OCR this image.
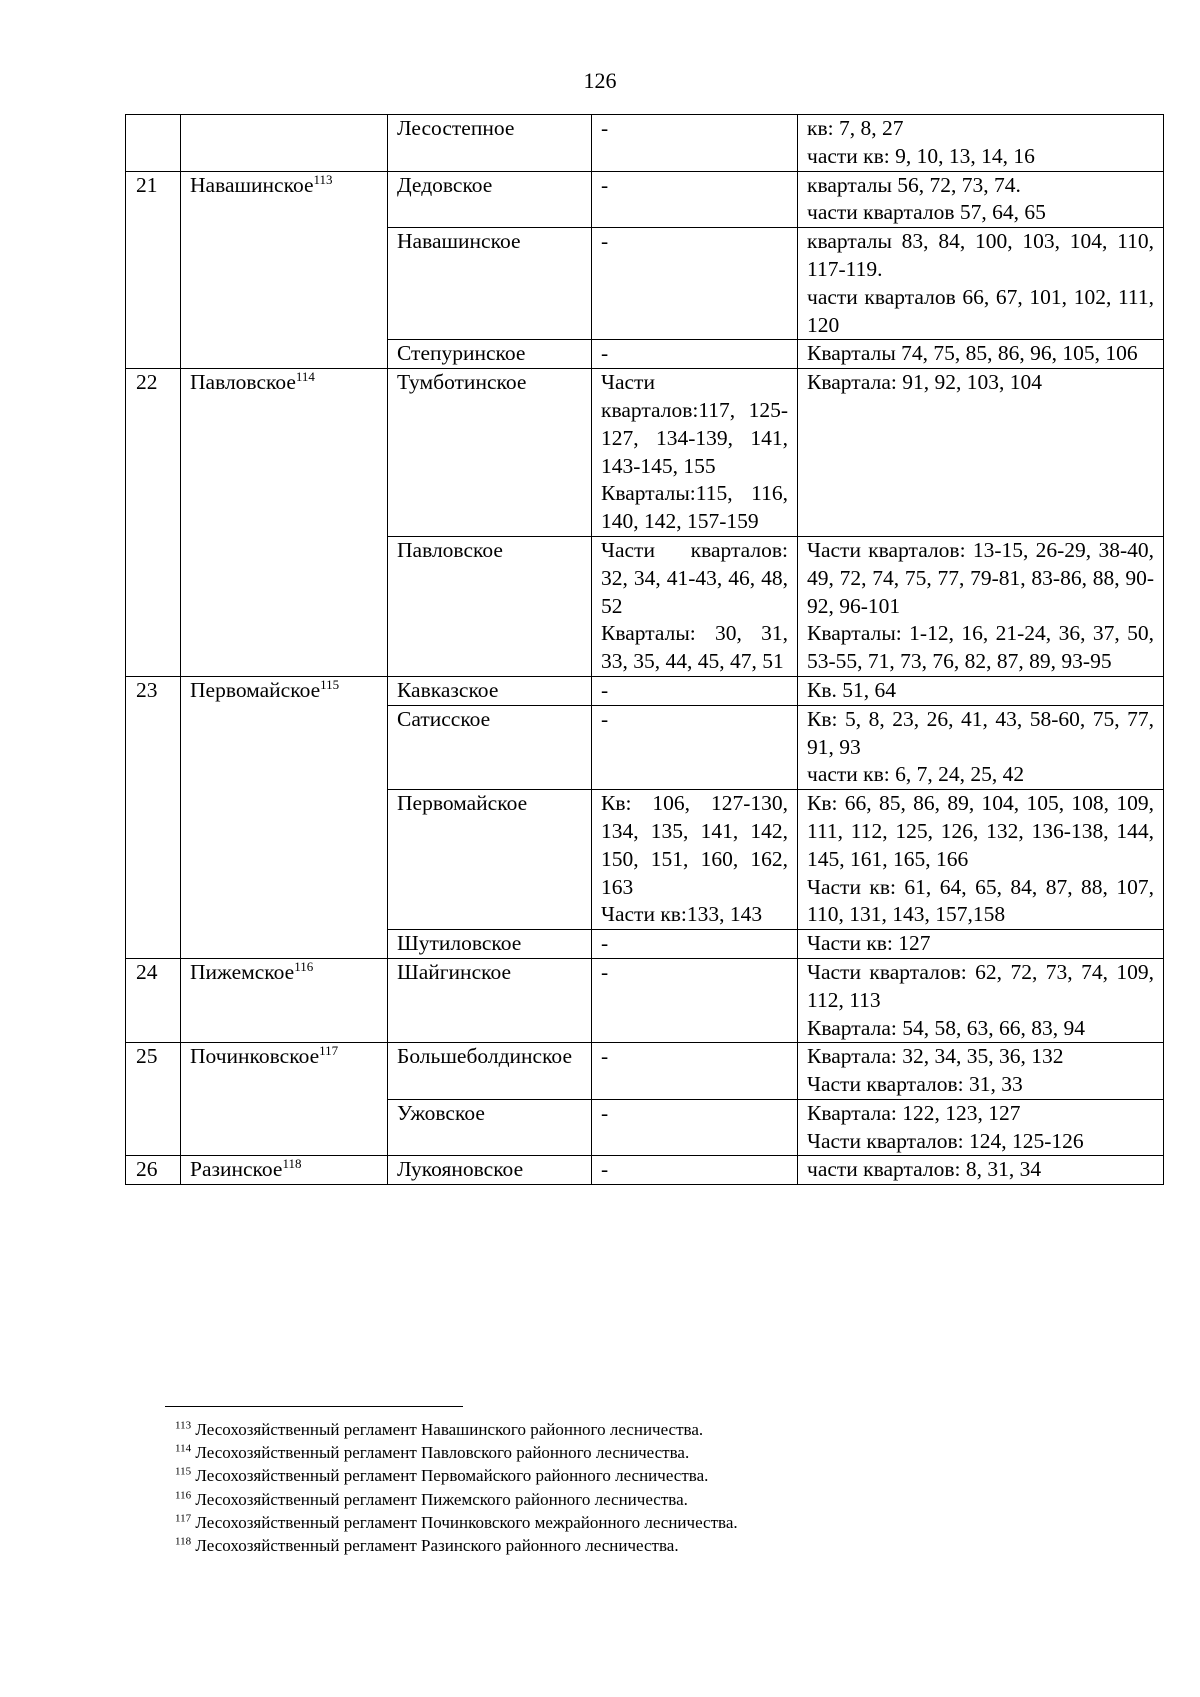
126
		Лесостепное	-	кв: 7, 8, 27
части кв: 9, 10, 13, 14, 16

21	Навашинское$^{113}$	Дедовское	-	кварталы 56, 72, 73, 74.
части кварталов 57, 64, 65

		Навашинское	-	кварталы 83, 84, 100, 103, 104, 110, 117-119.
части кварталов 66, 67, 101, 102, 111, 120

		Степуринское	-	Кварталы 74, 75, 85, 86, 96, 105, 106

22	Павловское$^{114}$	Тумботинское	Части кварталов:117, 125-127, 134-139, 141, 143-145, 155
Кварталы:115, 116, 140, 142, 157-159	Квартала: 91, 92, 103, 104

		Павловское	Части кварталов: 32, 34, 41-43, 46, 48, 52
Кварталы: 30, 31, 33, 35, 44, 45, 47, 51	Части кварталов: 13-15, 26-29, 38-40, 49, 72, 74, 75, 77, 79-81, 83-86, 88, 90-92, 96-101
Кварталы: 1-12, 16, 21-24, 36, 37, 50, 53-55, 71, 73, 76, 82, 87, 89, 93-95

23	Первомайское$^{115}$	Кавказское	-	Кв. 51, 64

		Сатисское	-	Кв: 5, 8, 23, 26, 41, 43, 58-60, 75, 77, 91, 93
части кв: 6, 7, 24, 25, 42

		Первомайское	Кв: 106, 127-130, 134, 135, 141, 142, 150, 151, 160, 162, 163
Части кв:133, 143	Кв: 66, 85, 86, 89, 104, 105, 108, 109, 111, 112, 125, 126, 132, 136-138, 144, 145, 161, 165, 166
Части кв: 61, 64, 65, 84, 87, 88, 107, 110, 131, 143, 157,158

		Шутиловское	-	Части кв: 127

24	Пижемское$^{116}$	Шайгинское	-	Части кварталов: 62, 72, 73, 74, 109, 112, 113
Квартала: 54, 58, 63, 66, 83, 94

25	Починковское$^{117}$	Большеболдинское	-	Квартала: 32, 34, 35, 36, 132
Части кварталов: 31, 33

		Ужовское	-	Квартала: 122, 123, 127
Части кварталов: 124, 125-126

26	Разинское$^{118}$	Лукояновское	-	части кварталов: 8, 31, 34
$^{113}$ Лесохозяйственный регламент Навашинского районного лесничества.
$^{114}$ Лесохозяйственный регламент Павловского районного лесничества.
$^{115}$ Лесохозяйственный регламент Первомайского районного лесничества.
$^{116}$ Лесохозяйственный регламент Пижемского районного лесничества.
$^{117}$ Лесохозяйственный регламент Починковского межрайонного лесничества.
$^{118}$ Лесохозяйственный регламент Разинского районного лесничества.
